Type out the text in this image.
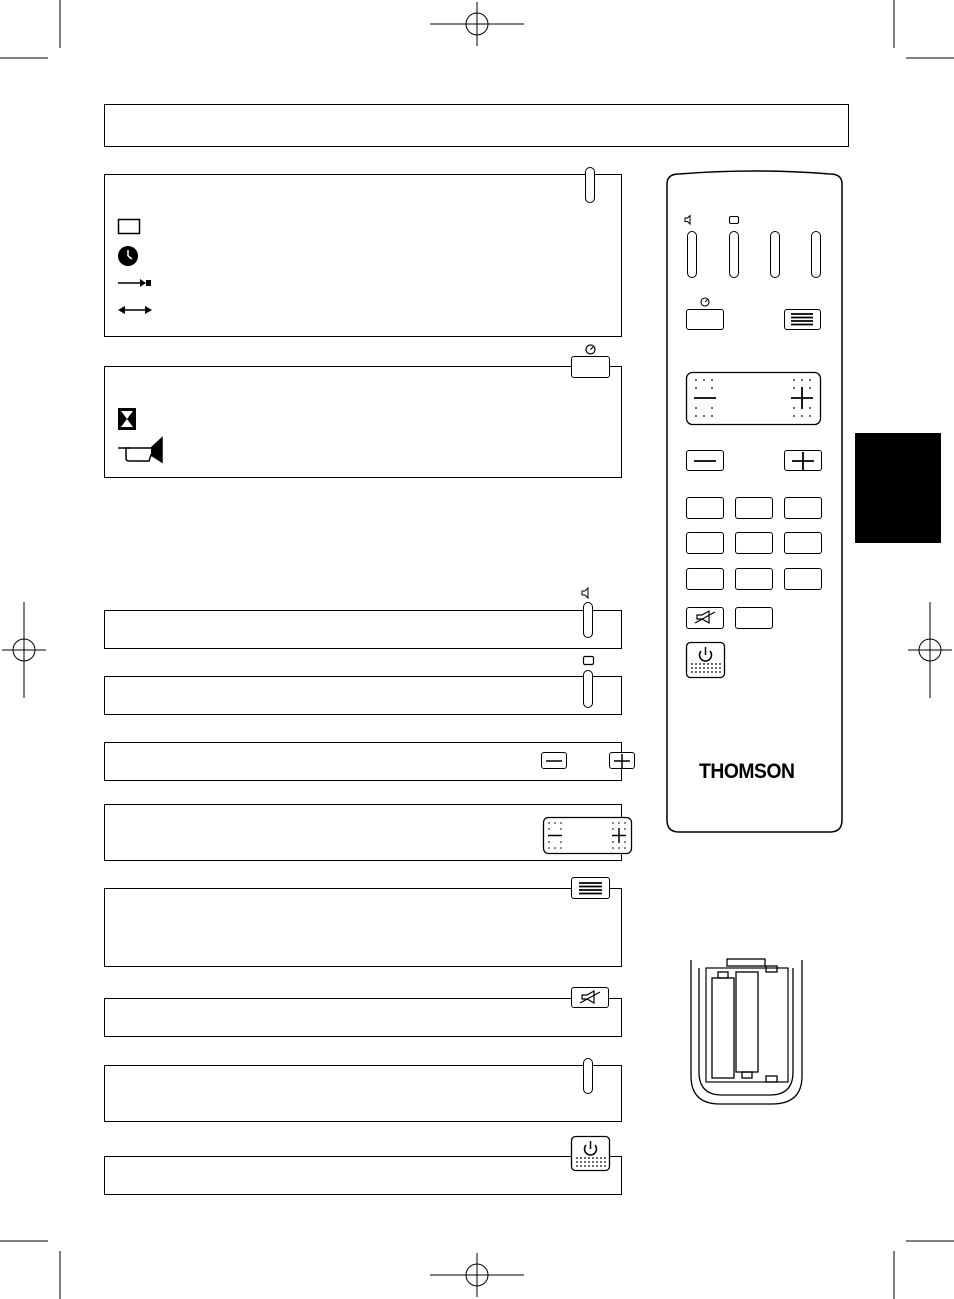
THOMSON
